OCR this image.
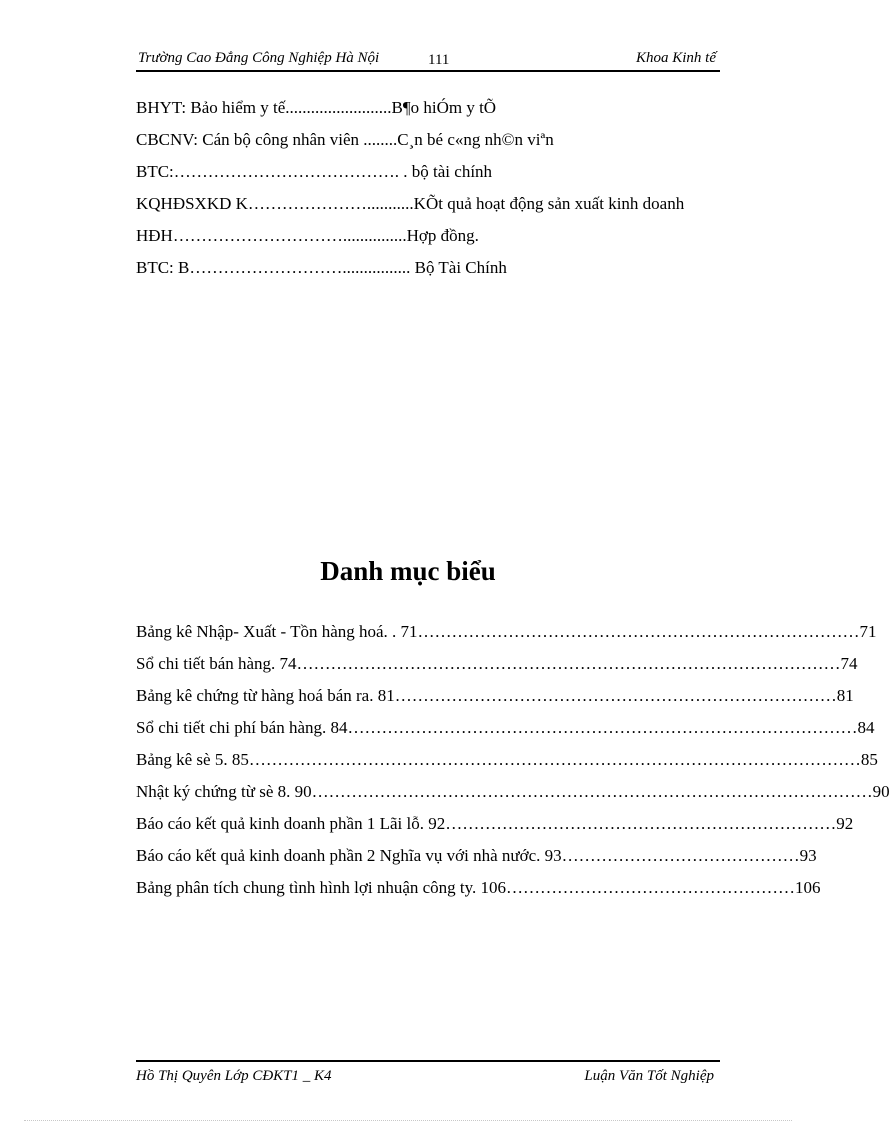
Trường Cao Đẳng Công Nghiệp Hà Nội	111	Khoa Kinh tế
BHYT: Bảo hiểm y tế.........................B¶o hiÓm y tÕ
CBCNV: Cán bộ công nhân viên ........C¸n bé c«ng nh©n viªn
BTC:…………………………………. . bộ tài chính
KQHĐSXKD K…………………...........KÕt quả hoạt động sản xuất kinh doanh
HĐH…………………………...............Hợp đồng.
BTC: B………………………................ Bộ Tài Chính
Danh mục biểu
Bảng kê Nhập- Xuất - Tồn hàng hoá. . 71 …………………………………………………………………… 71
Sổ chi tiết bán hàng. 74 …………………………………………………………………………………… 74
Bảng kê chứng từ hàng hoá bán ra. 81 …………………………………………………………………… 81
Sổ chi tiết chi phí bán hàng. 84 ……………………………………………………………………………… 84
Bảng kê sè 5. 85 ……………………………………………………………………………………………… 85
Nhật ký chứng từ sè 8. 90 ……………………………………………………………………………………… 90
Báo cáo kết quả kinh doanh phần 1 Lãi lỗ. 92 …………………………………………………………… 92
Báo cáo kết quả kinh doanh phần 2 Nghĩa vụ với nhà nước. 93 …………………………………… 93
Bảng phân tích chung tình hình lợi nhuận công ty. 106 …………………………………………… 106
Hồ Thị Quyên Lớp CĐKT1 _ K4	Luận Văn Tốt Nghiệp
